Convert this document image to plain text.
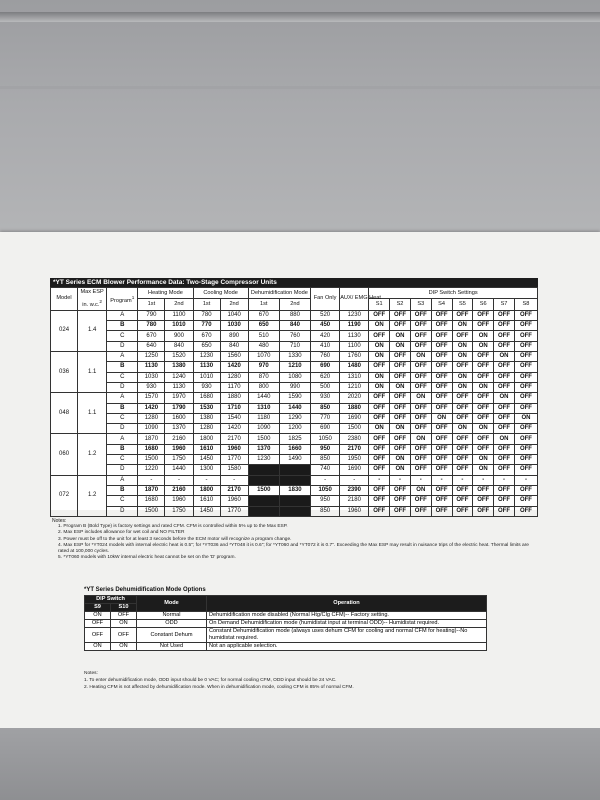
*YT Series ECM Blower Performance Data: Two-Stage Compressor Units
Model	Max ESP
in. w.c.$^2$	Program$^1$	Heating Mode		Cooling Mode		Dehumidification Mode		Fan Only	AUX/ EMG Heat	DIP Switch Settings							
			1st	2nd	1st	2nd	1st	2nd			S1	S2	S3	S4	S5	S6	S7	S8
024	1.4	A	790	1100	780	1040	670	880	520	1230	OFF	OFF	OFF	OFF	OFF	OFF	OFF	OFF
		B	780	1010	770	1030	650	840	450	1190	ON	OFF	OFF	OFF	ON	OFF	OFF	OFF
		C	670	900	670	890	510	760	420	1130	OFF	ON	OFF	OFF	OFF	ON	OFF	OFF
		D	640	840	650	840	480	710	410	1100	ON	ON	OFF	OFF	ON	ON	OFF	OFF
036	1.1	A	1250	1520	1230	1560	1070	1330	760	1760	ON	OFF	ON	OFF	ON	OFF	ON	OFF
		B	1130	1380	1130	1420	970	1210	690	1480	OFF	OFF	OFF	OFF	OFF	OFF	OFF	OFF
		C	1030	1240	1010	1280	870	1080	620	1310	ON	OFF	OFF	OFF	ON	OFF	OFF	OFF
		D	930	1130	930	1170	800	990	500	1210	ON	ON	OFF	OFF	ON	ON	OFF	OFF
048	1.1	A	1570	1970	1680	1880	1440	1590	930	2020	OFF	OFF	ON	OFF	OFF	OFF	ON	OFF
		B	1420	1790	1530	1710	1310	1440	850	1880	OFF	OFF	OFF	OFF	OFF	OFF	OFF	OFF
		C	1280	1600	1380	1540	1180	1290	770	1690	OFF	OFF	OFF	ON	OFF	OFF	OFF	ON
		D	1090	1370	1280	1420	1090	1200	690	1500	ON	ON	OFF	OFF	ON	ON	OFF	OFF
060	1.2	A	1870	2160	1800	2170	1500	1825	1050	2380	OFF	OFF	ON	OFF	OFF	OFF	ON	OFF
		B	1680	1960	1610	1960	1370	1660	950	2170	OFF	OFF	OFF	OFF	OFF	OFF	OFF	OFF
		C	1500	1750	1450	1770	1230	1490	850	1950	OFF	ON	OFF	OFF	OFF	ON	OFF	OFF
		D	1220	1440	1300	1580			740	1690	OFF	ON	OFF	OFF	OFF	ON	OFF	OFF
072	1.2	A	-	-	-	-			-	-	-	-	-	-	-	-	-	-
		B	1870	2160	1800	2170	1500	1830	1050	2390	OFF	OFF	ON	OFF	OFF	OFF	OFF	OFF
		C	1680	1960	1610	1960			950	2180	OFF	OFF	OFF	OFF	OFF	OFF	OFF	OFF
		D	1500	1750	1450	1770			850	1960	OFF	OFF	OFF	OFF	OFF	OFF	OFF	OFF
Notes:
1. Program B (Bold Type) is factory settings and rated CFM. CFM is controlled within 5% up to the Max ESP.
2. Max ESP includes allowance for wet coil and NO FILTER
3. Power must be off to the unit for at least 3 seconds before the ECM motor will recognize a program change.
4. Max ESP for *YT024 models with internal electric heat is 0.5"; for *YT036 and *YT048 it is 0.6"; for *YT060 and *YT072 it is 0.7". Exceeding the Max ESP may result in nuisance trips of the electric heat. Thermal limits are rated at 100,000 cycles.
5. *YT060 models with 10kW internal electric heat cannot be set on the 'D' program.
*YT Series Dehumidification Mode Options
DIP Switch		Mode	Operation
S9	S10		
ON	OFF	Normal	Dehumidification mode disabled (Normal Htg/Clg CFM)-- Factory setting.
OFF	ON	ODD	On Demand Dehumidification mode (humidistat input at terminal ODD)-- Humidistat required.
OFF	OFF	Constant Dehum	Constant Dehumidification mode (always uses dehum CFM for cooling and normal CFM for heating)--No humidistat required.
ON	ON	Not Used	Not an applicable selection.
Notes:
1. To enter dehumidification mode, ODD input should be 0 VAC; for normal cooling CFM, ODD input should be 24 VAC.
2. Heating CFM is not affected by dehumidification mode. When in dehumidification mode, cooling CFM is 85% of normal CFM.
